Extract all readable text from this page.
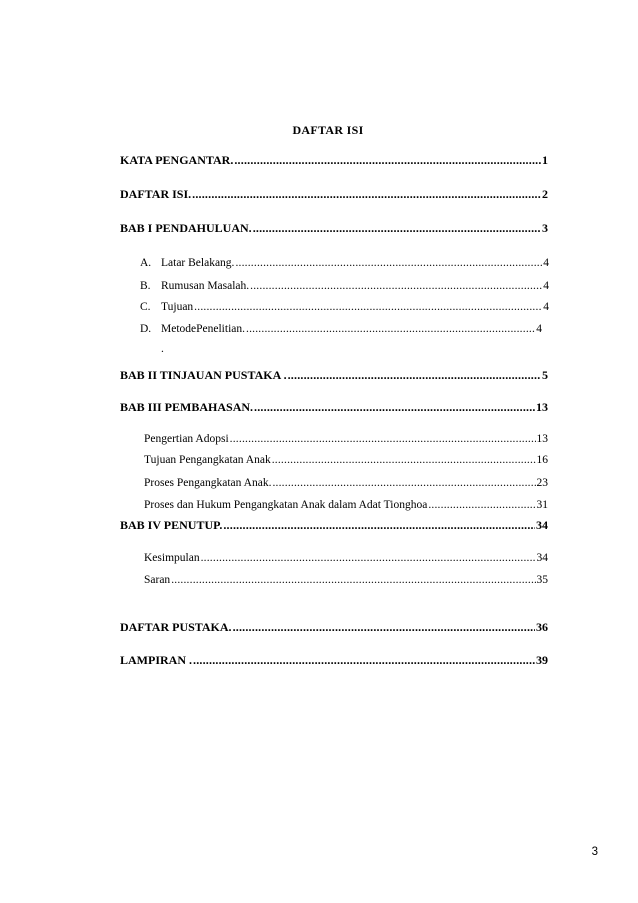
DAFTAR ISI
KATA PENGANTAR. .....	1
DAFTAR ISI. .....	2
BAB I PENDAHULUAN. .....	3
A. Latar Belakang. .....	4
B. Rumusan Masalah. .....	4
C. Tujuan .....	4
D. MetodePenelitian. .....	4
.
BAB II TINJAUAN PUSTAKA . .....	5
BAB III PEMBAHASAN. .....	13
Pengertian Adopsi .....	13
Tujuan Pengangkatan Anak .....	16
Proses Pengangkatan Anak. .....	23
Proses dan Hukum Pengangkatan Anak dalam Adat Tionghoa .....	31
BAB IV PENUTUP. .....	34
Kesimpulan .....	34
Saran .....	35
DAFTAR PUSTAKA. .....	36
LAMPIRAN . .....	39
3
